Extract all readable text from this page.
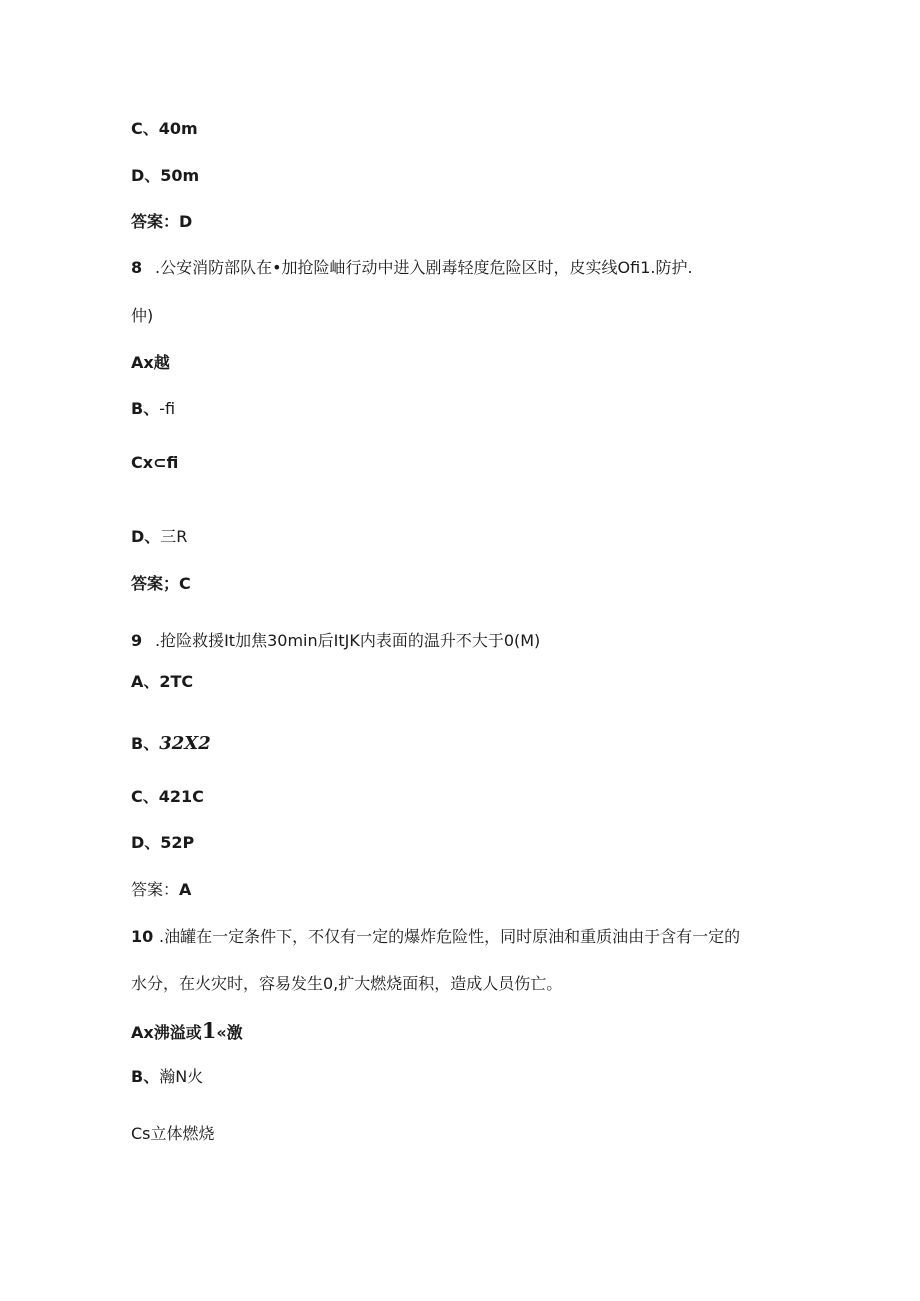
C、40m
D、50m
答案：D
8 .公安消防部队在•加抢险岫行动中进入剧毒轻度危险区时，皮实线Ofi1.防护.
仲)
Ax越
B、-fi
Cx⊂fi
D、三R
答案；C
9 .抢险救援It加焦30min后ItJK内表面的温升不大于0(M)
A、2TC
B、32X2
C、421C
D、52P
答案：A
10 .油罐在一定条件下，不仅有一定的爆炸危险性，同时原油和重质油由于含有一定的
水分，在火灾时，容易发生0,扩大燃烧面积，造成人员伤亡。
Ax沸溢或1«激
B、瀚N火
Cs立体燃烧
